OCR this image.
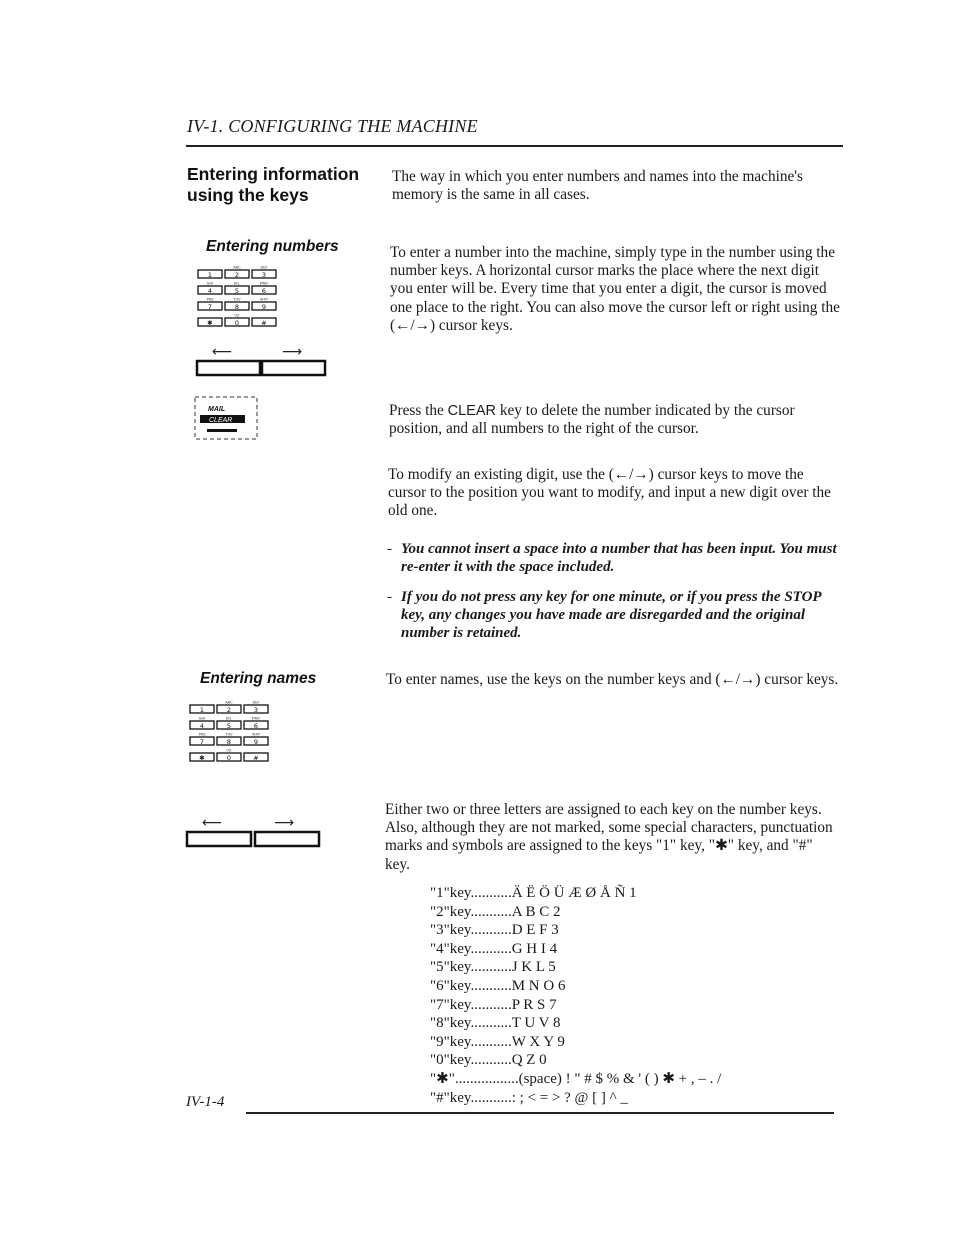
IV-1. CONFIGURING THE MACHINE
Entering information
using the keys
The way in which you enter numbers and names into the machine's memory is the same in all cases.
Entering numbers	To enter a number into the machine, simply type in the number using the number keys. A horizontal cursor marks the place where the next digit you enter will be. Every time that you enter a digit, the cursor is moved one place to the right. You can also move the cursor left or right using the (←/→) cursor keys.
1	2
ABC
3
DEF
4
GHI
5
JKL
6
MNO
7
PRS
8
TUV
9
WXY
✱	0
OZ
#
⟵	⟶
MAIL
CLEAR
Press the CLEAR key to delete the number indicated by the cursor position, and all numbers to the right of the cursor.
To modify an existing digit, use the (←/→) cursor keys to move the cursor to the position you want to modify, and input a new digit over the old one.
- You cannot insert a space into a number that has been input. You must re-enter it with the space included.
- If you do not press any key for one minute, or if you press the STOP key, any changes you have made are disregarded and the original number is retained.
Entering names	To enter names, use the keys on the number keys and (←/→) cursor keys.
1	2
ABC
3
DEF
4
GHI
5
JKL
6
MNO
7
PRS
8
TUV
9
WXY
✱	0
OZ
#
⟵	⟶
Either two or three letters are assigned to each key on the number keys. Also, although they are not marked, some special characters, punctuation marks and symbols are assigned to the keys "1" key, "✱" key, and "#" key.
"1"key...........Ä Ë Ö Ü Æ Ø Å Ñ 1
"2"key...........A B C 2
"3"key...........D E F 3
"4"key...........G H I 4
"5"key...........J K L 5
"6"key...........M N O 6
"7"key...........P R S 7
"8"key...........T U V 8
"9"key...........W X Y 9
"0"key...........Q Z 0
"✱".................(space) ! " # $ % & ' ( ) ✱ + , – . /
"#"key...........: ; < = > ? @ [ ] ^ _
IV-1-4
